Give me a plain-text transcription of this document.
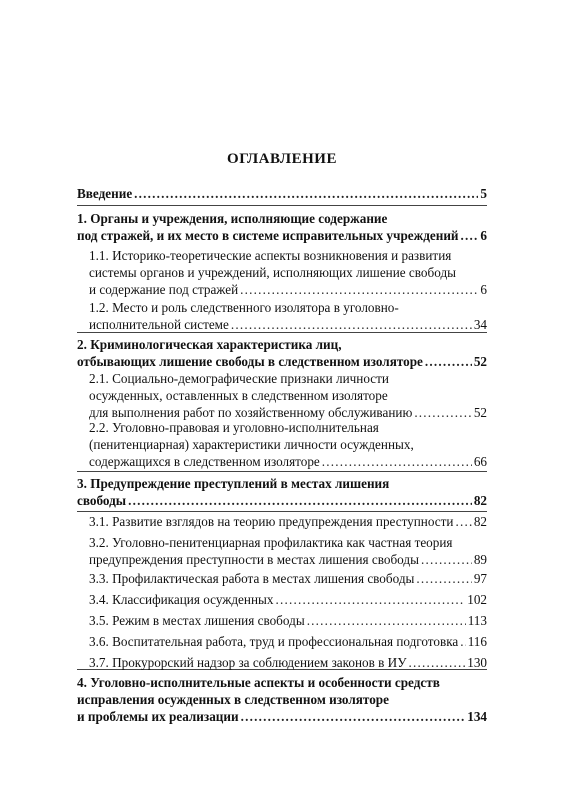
ОГЛАВЛЕНИЕ
Введение .....	5
1. Органы и учреждения, исполняющие содержание
под стражей, и их место в системе исправительных учреждений ..... 6
1.1. Историко-теоретические аспекты возникновения и развития
системы органов и учреждений, исполняющих лишение свободы
и содержание под стражей .....	6
1.2. Место и роль следственного изолятора в уголовно-
исполнительной системе .....	34
2. Криминологическая характеристика лиц,
отбывающих лишение свободы в следственном изоляторе .....	52
2.1. Социально-демографические признаки личности
осужденных, оставленных в следственном изоляторе
для выполнения работ по хозяйственному обслуживанию .....	52
2.2. Уголовно-правовая и уголовно-исполнительная
(пенитенциарная) характеристики личности осужденных,
содержащихся в следственном изоляторе .....	66
3. Предупреждение преступлений в местах лишения
свободы .....	82
3.1. Развитие взглядов на теорию предупреждения преступности ..... 82
3.2. Уголовно-пенитенциарная профилактика как частная теория
предупреждения преступности в местах лишения свободы .....	89
3.3. Профилактическая работа в местах лишения свободы .....	97
3.4. Классификация осужденных .....	102
3.5. Режим в местах лишения свободы .....	113
3.6. Воспитательная работа, труд и профессиональная подготовка ..... 116
3.7. Прокурорский надзор за соблюдением законов в ИУ .....	130
4. Уголовно-исполнительные аспекты и особенности средств
исправления осужденных в следственном изоляторе
и проблемы их реализации .....	134
